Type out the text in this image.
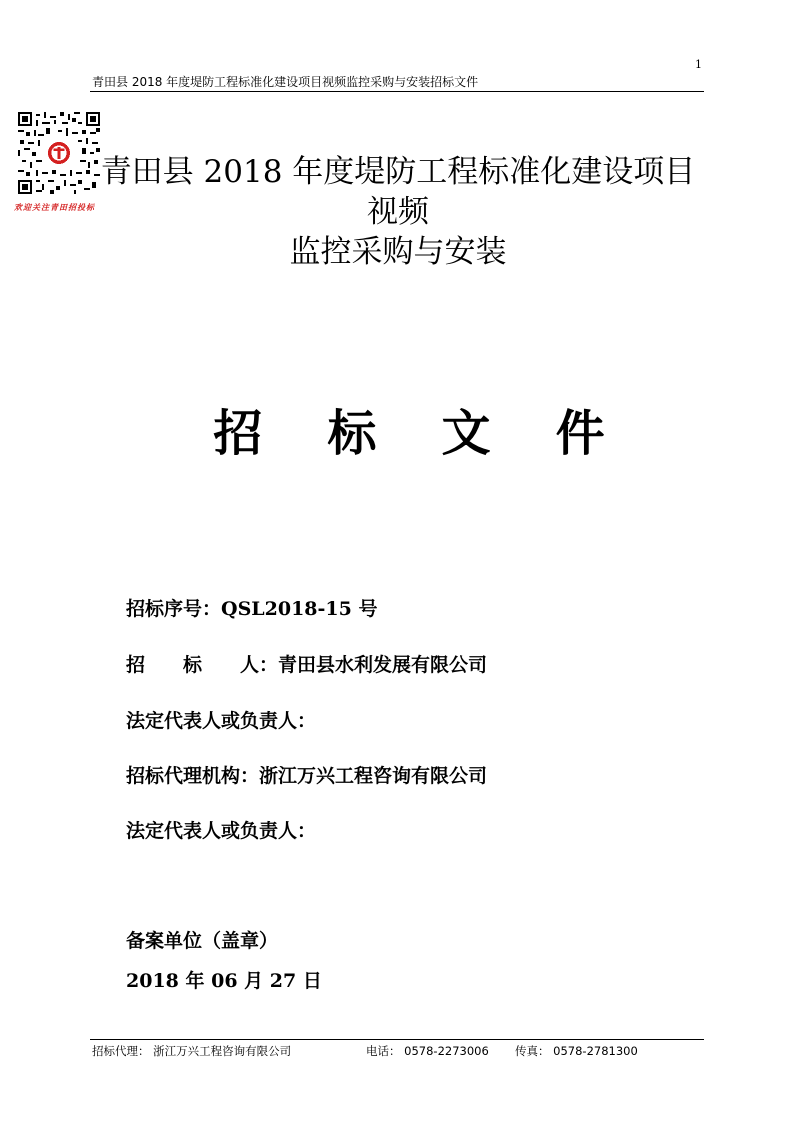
1
青田县 2018 年度堤防工程标准化建设项目视频监控采购与安装招标文件
欢迎关注青田招投标
青田县 2018 年度堤防工程标准化建设项目视频
监控采购与安装
招 标 文 件
招标序号：QSL2018-15 号
招　　标　　人：青田县水利发展有限公司
法定代表人或负责人：
招标代理机构：浙江万兴工程咨询有限公司
法定代表人或负责人：
备案单位（盖章）
2018 年 06 月 27 日
招标代理： 浙江万兴工程咨询有限公司	电话： 0578-2273006 传真： 0578-2781300
